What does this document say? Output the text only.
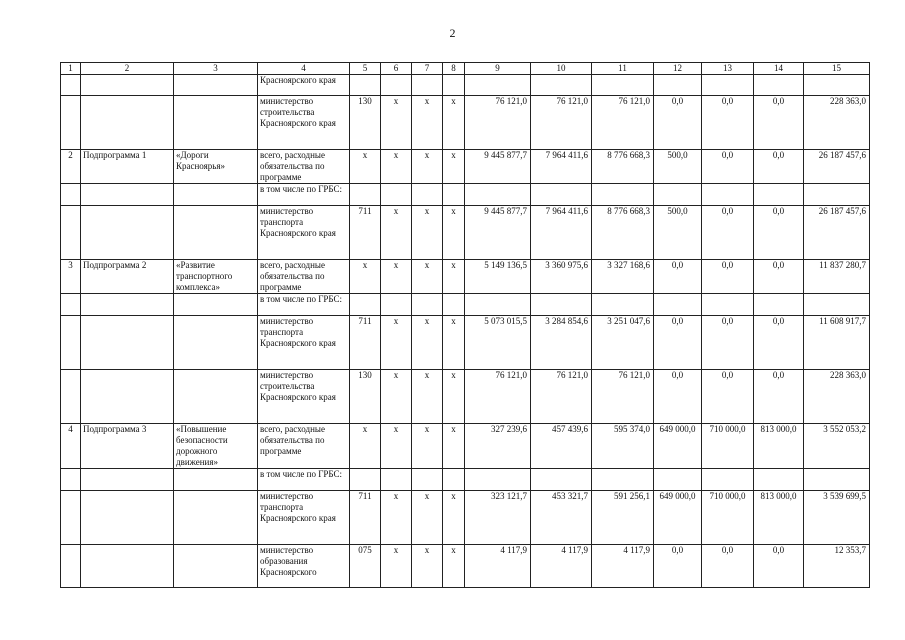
2
1	2	3	4	5	6	7	8	9	10	11	12	13	14	15
			Красноярского края											
			министерство строительства Красноярского края	130	х	х	х	76 121,0	76 121,0	76 121,0	0,0	0,0	0,0	228 363,0
2	Подпрограмма 1	«Дороги Красноярья»	всего, расходные обязательства по программе	х	х	х	х	9 445 877,7	7 964 411,6	8 776 668,3	500,0	0,0	0,0	26 187 457,6
			в том числе по ГРБС:											
			министерство транспорта Красноярского края	711	х	х	х	9 445 877,7	7 964 411,6	8 776 668,3	500,0	0,0	0,0	26 187 457,6
3	Подпрограмма 2	«Развитие транспортного комплекса»	всего, расходные обязательства по программе	х	х	х	х	5 149 136,5	3 360 975,6	3 327 168,6	0,0	0,0	0,0	11 837 280,7
			в том числе по ГРБС:											
			министерство транспорта Красноярского края	711	х	х	х	5 073 015,5	3 284 854,6	3 251 047,6	0,0	0,0	0,0	11 608 917,7
			министерство строительства Красноярского края	130	х	х	х	76 121,0	76 121,0	76 121,0	0,0	0,0	0,0	228 363,0
4	Подпрограмма 3	«Повышение безопасности дорожного движения»	всего, расходные обязательства по программе	х	х	х	х	327 239,6	457 439,6	595 374,0	649 000,0	710 000,0	813 000,0	3 552 053,2
			в том числе по ГРБС:											
			министерство транспорта Красноярского края	711	х	х	х	323 121,7	453 321,7	591 256,1	649 000,0	710 000,0	813 000,0	3 539 699,5
			министерство образования Красноярского	075	х	х	х	4 117,9	4 117,9	4 117,9	0,0	0,0	0,0	12 353,7
